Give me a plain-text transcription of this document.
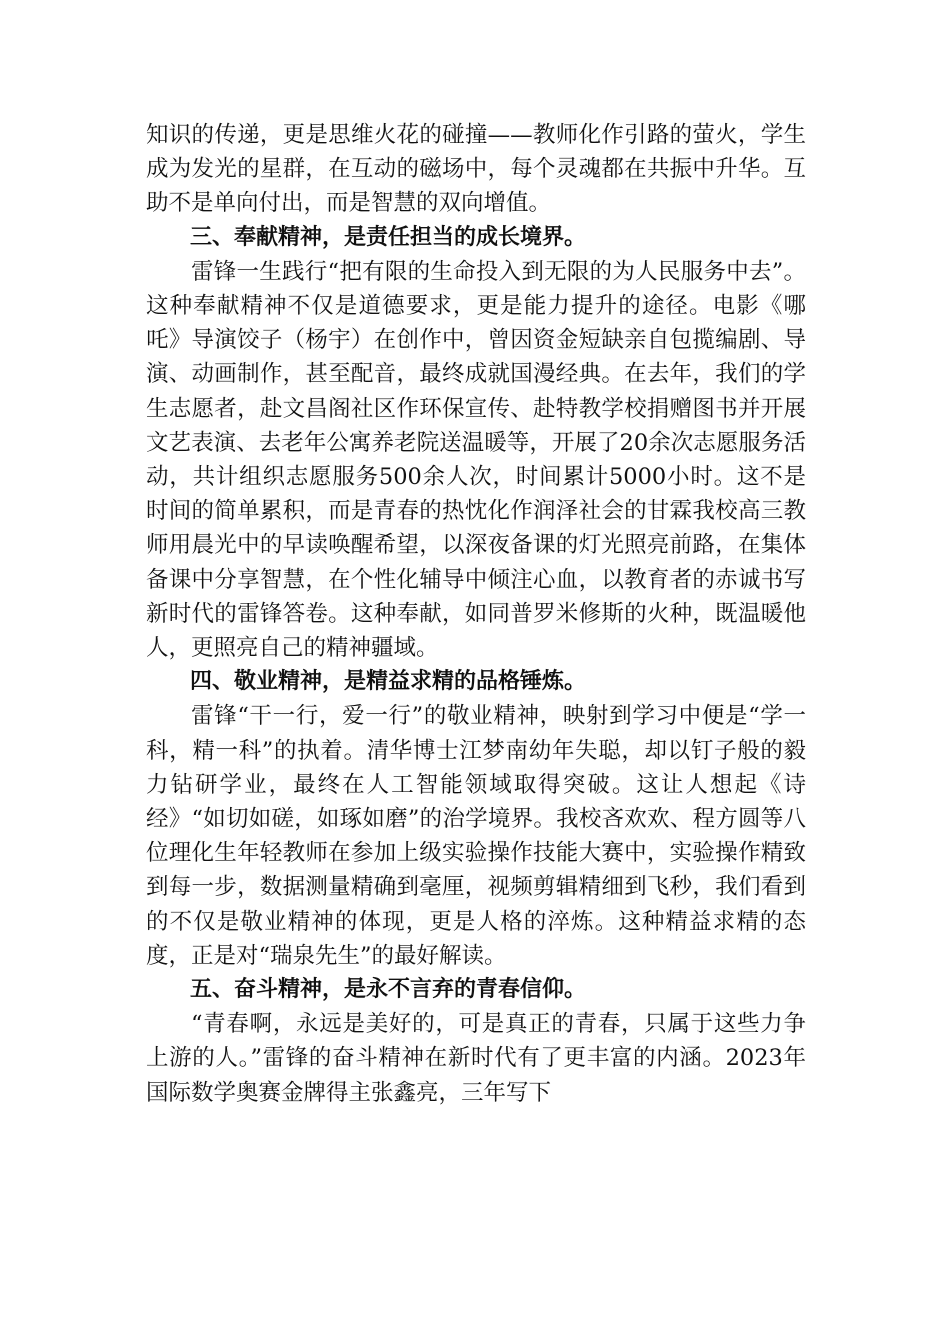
知识的传递，更是思维火花的碰撞——教师化作引路的萤火，学生成为发光的星群，在互动的磁场中，每个灵魂都在共振中升华。互助不是单向付出，而是智慧的双向增值。

三、奉献精神，是责任担当的成长境界。

雷锋一生践行“把有限的生命投入到无限的为人民服务中去”。这种奉献精神不仅是道德要求，更是能力提升的途径。电影《哪吒》导演饺子（杨宇）在创作中，曾因资金短缺亲自包揽编剧、导演、动画制作，甚至配音，最终成就国漫经典。在去年，我们的学生志愿者，赴文昌阁社区作环保宣传、赴特教学校捐赠图书并开展文艺表演、去老年公寓养老院送温暖等，开展了20余次志愿服务活动，共计组织志愿服务500余人次，时间累计5000小时。这不是时间的简单累积，而是青春的热忱化作润泽社会的甘霖我校高三教师用晨光中的早读唤醒希望，以深夜备课的灯光照亮前路，在集体备课中分享智慧，在个性化辅导中倾注心血，以教育者的赤诚书写新时代的雷锋答卷。这种奉献，如同普罗米修斯的火种，既温暖他人，更照亮自己的精神疆域。

四、敬业精神，是精益求精的品格锤炼。

雷锋“干一行，爱一行”的敬业精神，映射到学习中便是“学一科，精一科”的执着。清华博士江梦南幼年失聪，却以钉子般的毅力钻研学业，最终在人工智能领域取得突破。这让人想起《诗经》“如切如磋，如琢如磨”的治学境界。我校吝欢欢、程方圆等八位理化生年轻教师在参加上级实验操作技能大赛中，实验操作精致到每一步，数据测量精确到毫厘，视频剪辑精细到飞秒，我们看到的不仅是敬业精神的体现，更是人格的淬炼。这种精益求精的态度，正是对“瑞泉先生”的最好解读。

五、奋斗精神，是永不言弃的青春信仰。

“青春啊，永远是美好的，可是真正的青春，只属于这些力争上游的人。”雷锋的奋斗精神在新时代有了更丰富的内涵。2023年国际数学奥赛金牌得主张鑫亮，三年写下
